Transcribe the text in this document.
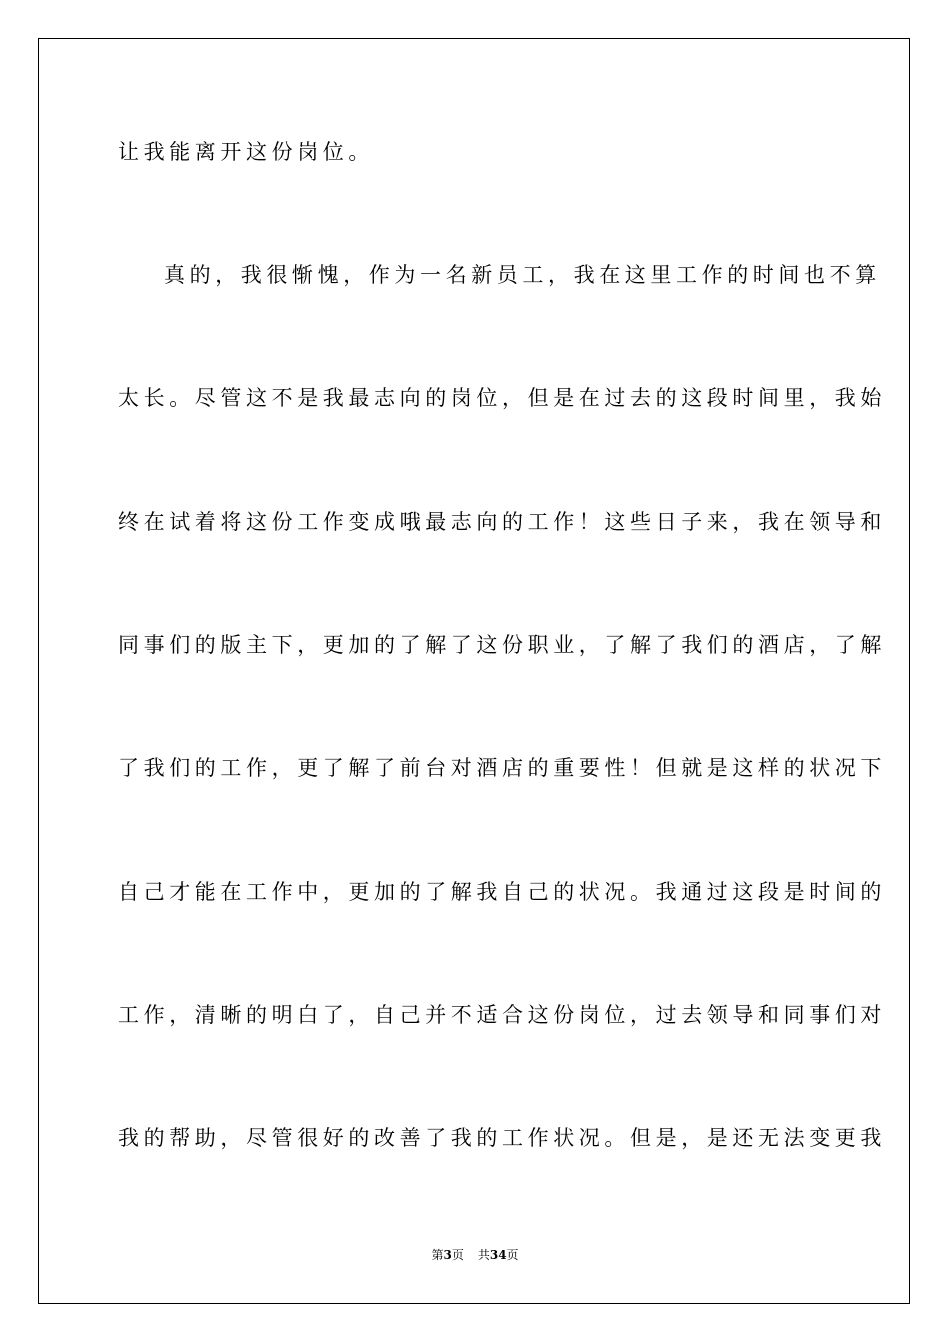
让我能离开这份岗位。
真的，我很惭愧，作为一名新员工，我在这里工作的时间也不算
太长。尽管这不是我最志向的岗位，但是在过去的这段时间里，我始
终在试着将这份工作变成哦最志向的工作！这些日子来，我在领导和
同事们的版主下，更加的了解了这份职业，了解了我们的酒店，了解
了我们的工作，更了解了前台对酒店的重要性！但就是这样的状况下
自己才能在工作中，更加的了解我自己的状况。我通过这段是时间的
工作，清晰的明白了，自己并不适合这份岗位，过去领导和同事们对
我的帮助，尽管很好的改善了我的工作状况。但是，是还无法变更我
第3页 共34页
